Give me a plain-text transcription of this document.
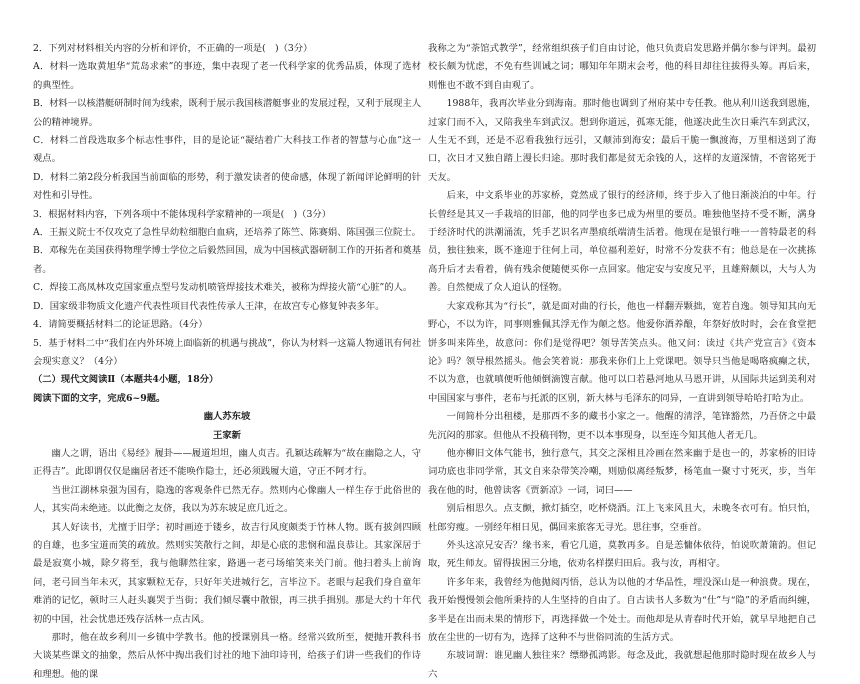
2．下列对材料相关内容的分析和评价，不正确的一项是(　)（3分）

A．材料一选取黄旭华“荒岛求索”的事迹，集中表现了老一代科学家的优秀品质，体现了选材的典型性。

B．材料一以核潜艇研制时间为线索，既利于展示我国核潜艇事业的发展过程，又利于展现主人公的精神境界。

C．材料二首段选取多个标志性事件，目的是论证“凝结着广大科技工作者的智慧与心血”这一观点。

D．材料二第2段分析我国当前面临的形势，利于激发读者的使命感，体现了新闻评论鲜明的针对性和引导性。

3．根据材料内容，下列各项中不能体现科学家精神的一项是(　)（3分）

A．王振义院士不仅攻克了急性早幼粒细胞白血病，还培养了陈竺、陈赛娟、陈国强三位院士。

B．邓稼先在美国获得物理学博士学位之后毅然回国，成为中国核武器研制工作的开拓者和奠基者。

C．焊接工高凤林攻克国家重点型号发动机喷管焊接技术难关，被称为焊接火箭“心脏”的人。

D．国家级非物质文化遗产代表性项目代表性传承人王津，在故宫专心修复钟表多年。

4．请简要概括材料二的论证思路。（4分）

5．基于材料二中“我们在内外环境上面临新的机遇与挑战”，你认为材料一这篇人物通讯有何社会现实意义？（4分）

（二）现代文阅读Ⅱ（本题共4小题，18分）

阅读下面的文字，完成6~9题。

幽人苏东坡

王家新

幽人之谓，语出《易经》履卦——履道坦坦，幽人贞吉。孔颖达疏解为“故在幽隐之人，守正得吉”。此即谓仅仅是幽居者还不能唤作隐士，还必须践履大道，守正不阿才行。

当世江湖林泉强为国有，隐逸的客观条件已然无存。然则内心像幽人一样生存于此俗世的人，其实尚未绝迹。以此衡之友侪，我以为苏东坡足庶几近之。

其人好读书，尤擅于旧学；初时画迹于镂乡，故吉行风度颇类于竹林人物。既有披剑四顾的自雄，也多宝道而笑的疏放。然则实笑散行之间，却是心底的悲悯和温良恭让。其家深居于最是寂寞小城，除夕将至，我与他聊然往家，路遇一老弓场缩笑来关门前。他扫着头上前询问，老弓回当年未灭，其家颗粒无存，只好年关进城行乞，言毕泣下。老眼与起我们身自童年难消的记忆，顿时三人赶头襄哭于当街；我们倾尽囊中散银，再三拱手揖别。那是大约十年代初的中国，社会忧患还残存活林一点古风。

那时，他在故乡利川一乡镇中学教书。他的授课别具一格。经常兴致所至，便抛开教科书大谈某些课文的抽象，然后从怀中掏出我们讨社的地下油印诗刊，给孩子们讲一些我们的作诗和理想。他的课

我称之为“荼馆式教学”，经常组织孩子们自由讨论，他只负责启发思路并偶尔参与评判。最初校长颇为忧虑，不免有些训诫之词；哪知年年期末会考，他的科目却往往拔得头筹。再后来，则惟也不敢不到自由观了。

1988年，我再次毕业分到海南。那时他也调到了州府某中专任教。他从利川送我到恩施，过家门而不入，又陪我坐车到武汉。想到你道远，孤寒无能，他遂决此生次日乘汽车到武汉，人生无不到，还是不忍看我独行远引，又颠沛到海安；最后干脆一飘渡海，万里相送到了海口，次日才又独自踏上漫长归途。那时我们都是贫无余钱的人，这样的友道深情，不啻铭死于天友。

后来，中文系毕业的苏家桥，竟然成了银行的经济师，终于步入了他日渐淡泊的中年。行长曾经是其又一手栽培的旧部，他的同学也多已成为州里的要员。唯独他坚持不受不断，满身于经济时代的洪潮涌流，凭手艺识名声墨痕纸端清生活着。他现在是银行唯一一普特最老的科员，独往独来，既不逢迎于往何上司，单位福利差好，时常不分发获不有；他总是在一次挑拣高升后才去看着，倘有残余便随便买你一点回家。他定安与安度兄平，且雄辩颇以，大与人为善。自然便成了众人追认的怪物。

大家戏称其为“行长”，就是面对曲的行长，他也一样翻弄颗拙，宽若自逸。领导知其向无野心，不以为许，同事则雅佩其浮无作为颠之悠。他爱你酒养酿，年祭好放时时，会在食堂把饼多叫来阵坐，故意问：你们是觉得吧？领导苦笑点头。他又问：读过《共产党宣言》《资本论》吗？领导根然摇头。他会笑着说：那我来你们上上党课吧。领导只当他是喝咯疯癫之状，不以为意，也就嗔便听他倾倒滴馊言献。他可以口若悬河地从马恩开讲，从国际共运到美利对中国国家与事件，老布与托派的区别，新大林与毛泽东的同异，一直讲到领导哈哈打哈为止。

一间简朴分出租楼，是那西不多的藏书小家之一。他醒的清浮，笔锋豁然，乃吾侪之中最先沉闷的那家。但他从不投稿刊物，更不以本事现身，以至连今知其他人者无几。

他亦柳旧文体气能书，独行意气，其交之深相且冷画在然来幽于是也一的，苏家桥的旧诗词功底也非同学常，其文自来杂带笑冷嘲，则励似离经叛梦，杨笔血一聚寸寸死灭，步，当年我在他的时，他曾读客《贾新凉》一词，词曰——

别后相思久。点支颤，掀灯插空，吃杯烧酒。江上飞来风且大，未晚冬衣可有。怕只怕，杜郎穷瘦。一别经年相日见，偶回来旅客无寻光。思往事，空垂首。

外头这凉兄安否？缘书来，看它几道，莫教再多。自是恙慵体依待，怕说吹萧箫韵。但记取，死生师友。留得拔困三分地，依劝名样摆归田后。我与汝，再相守。

许多年来，我曾经为他抛阅丙悟，总认为以他的才华品性，埋没深山是一种浪费。现在，我开始慢慢领会他所秉持的人生坚持的自由了。自古读书人多数为“仕”与“隐”的矛盾而纠缠，多半是在出而未果的情形下，再选择做一个处士。而他却是从青春时代开始，就早早地把自己放在尘世的一切有为，选择了这种不与世俗同流的生活方式。

东坡词谓：谁见幽人独往来？缥缈孤鸿影。每念及此，我就想起他那时隐时现在故乡人与六
